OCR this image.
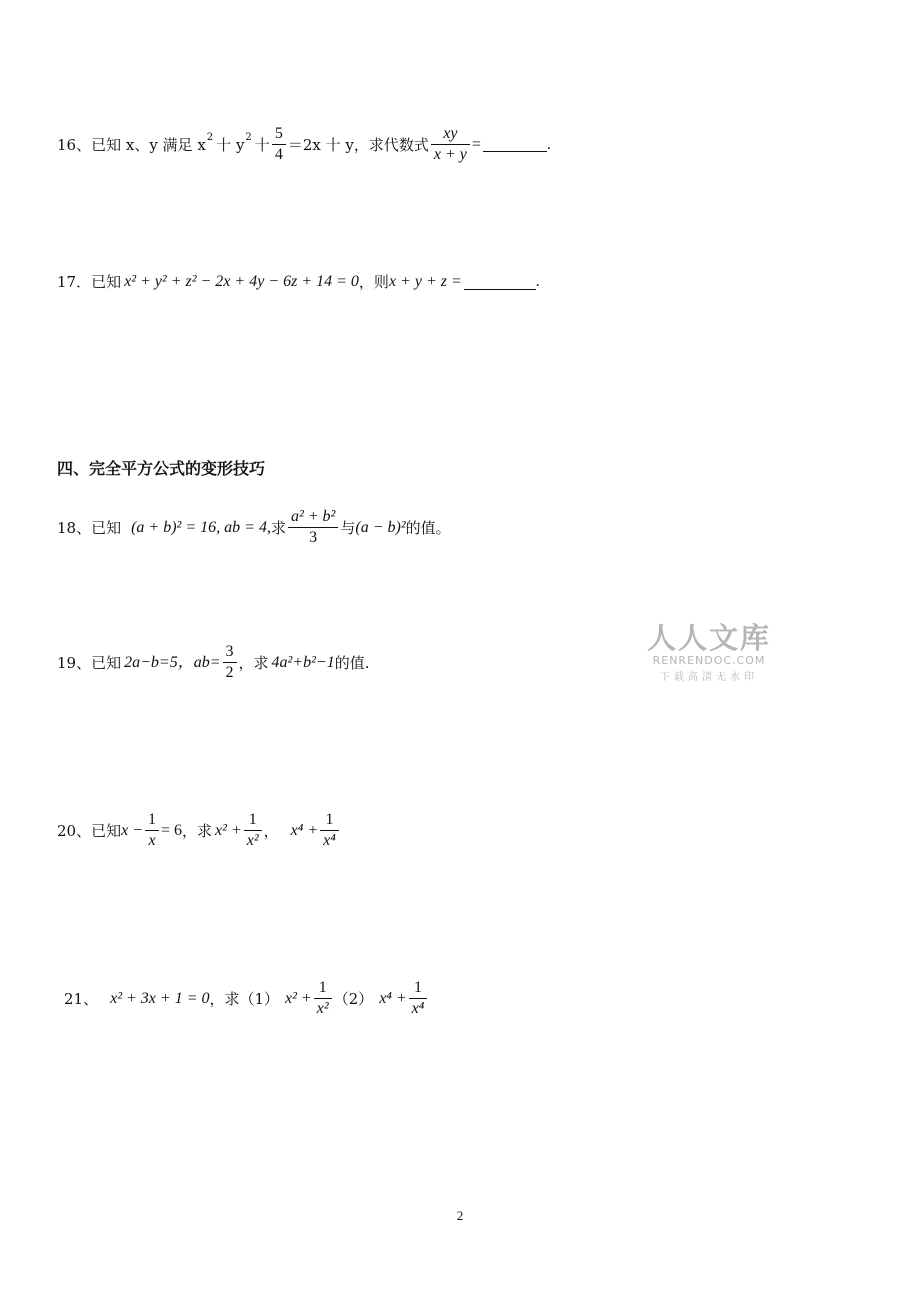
16、已知 x、y 满足 x 2 十 y 2 十 $\frac{5}{4} =2x$ 十 y，求代数式 $\frac{xy}{x + y}$ =	.
17．已知 x² + y² + z² − 2x + 4y − 6z + 14 = 0 ，则 x + y + z =	.
四、完全平方公式的变形技巧
18、已知 (a + b)² = 16, ab = 4, 求 $\frac{\text{a² + b²}}{3}$ 与 (a − b)² 的值。
19、已知 2a−b=5， $ab= \frac{3}{2}$ ，求 4a²+b²−1 的值.
20、已知 $x - \frac{1}{x} = 6$ ，求 $x^2 + \frac{1}{\text{x²}}$ ， $x^4 + \frac{1}{\text{x⁴}}$
21、 x² + 3x + 1 = 0 ，求（1） $x^2 + \frac{1}{\text{x²}} (2) x^4 + \frac{1}{\text{x⁴}}$
人人文库
RENRENDOC.COM
下载高清无水印
2
